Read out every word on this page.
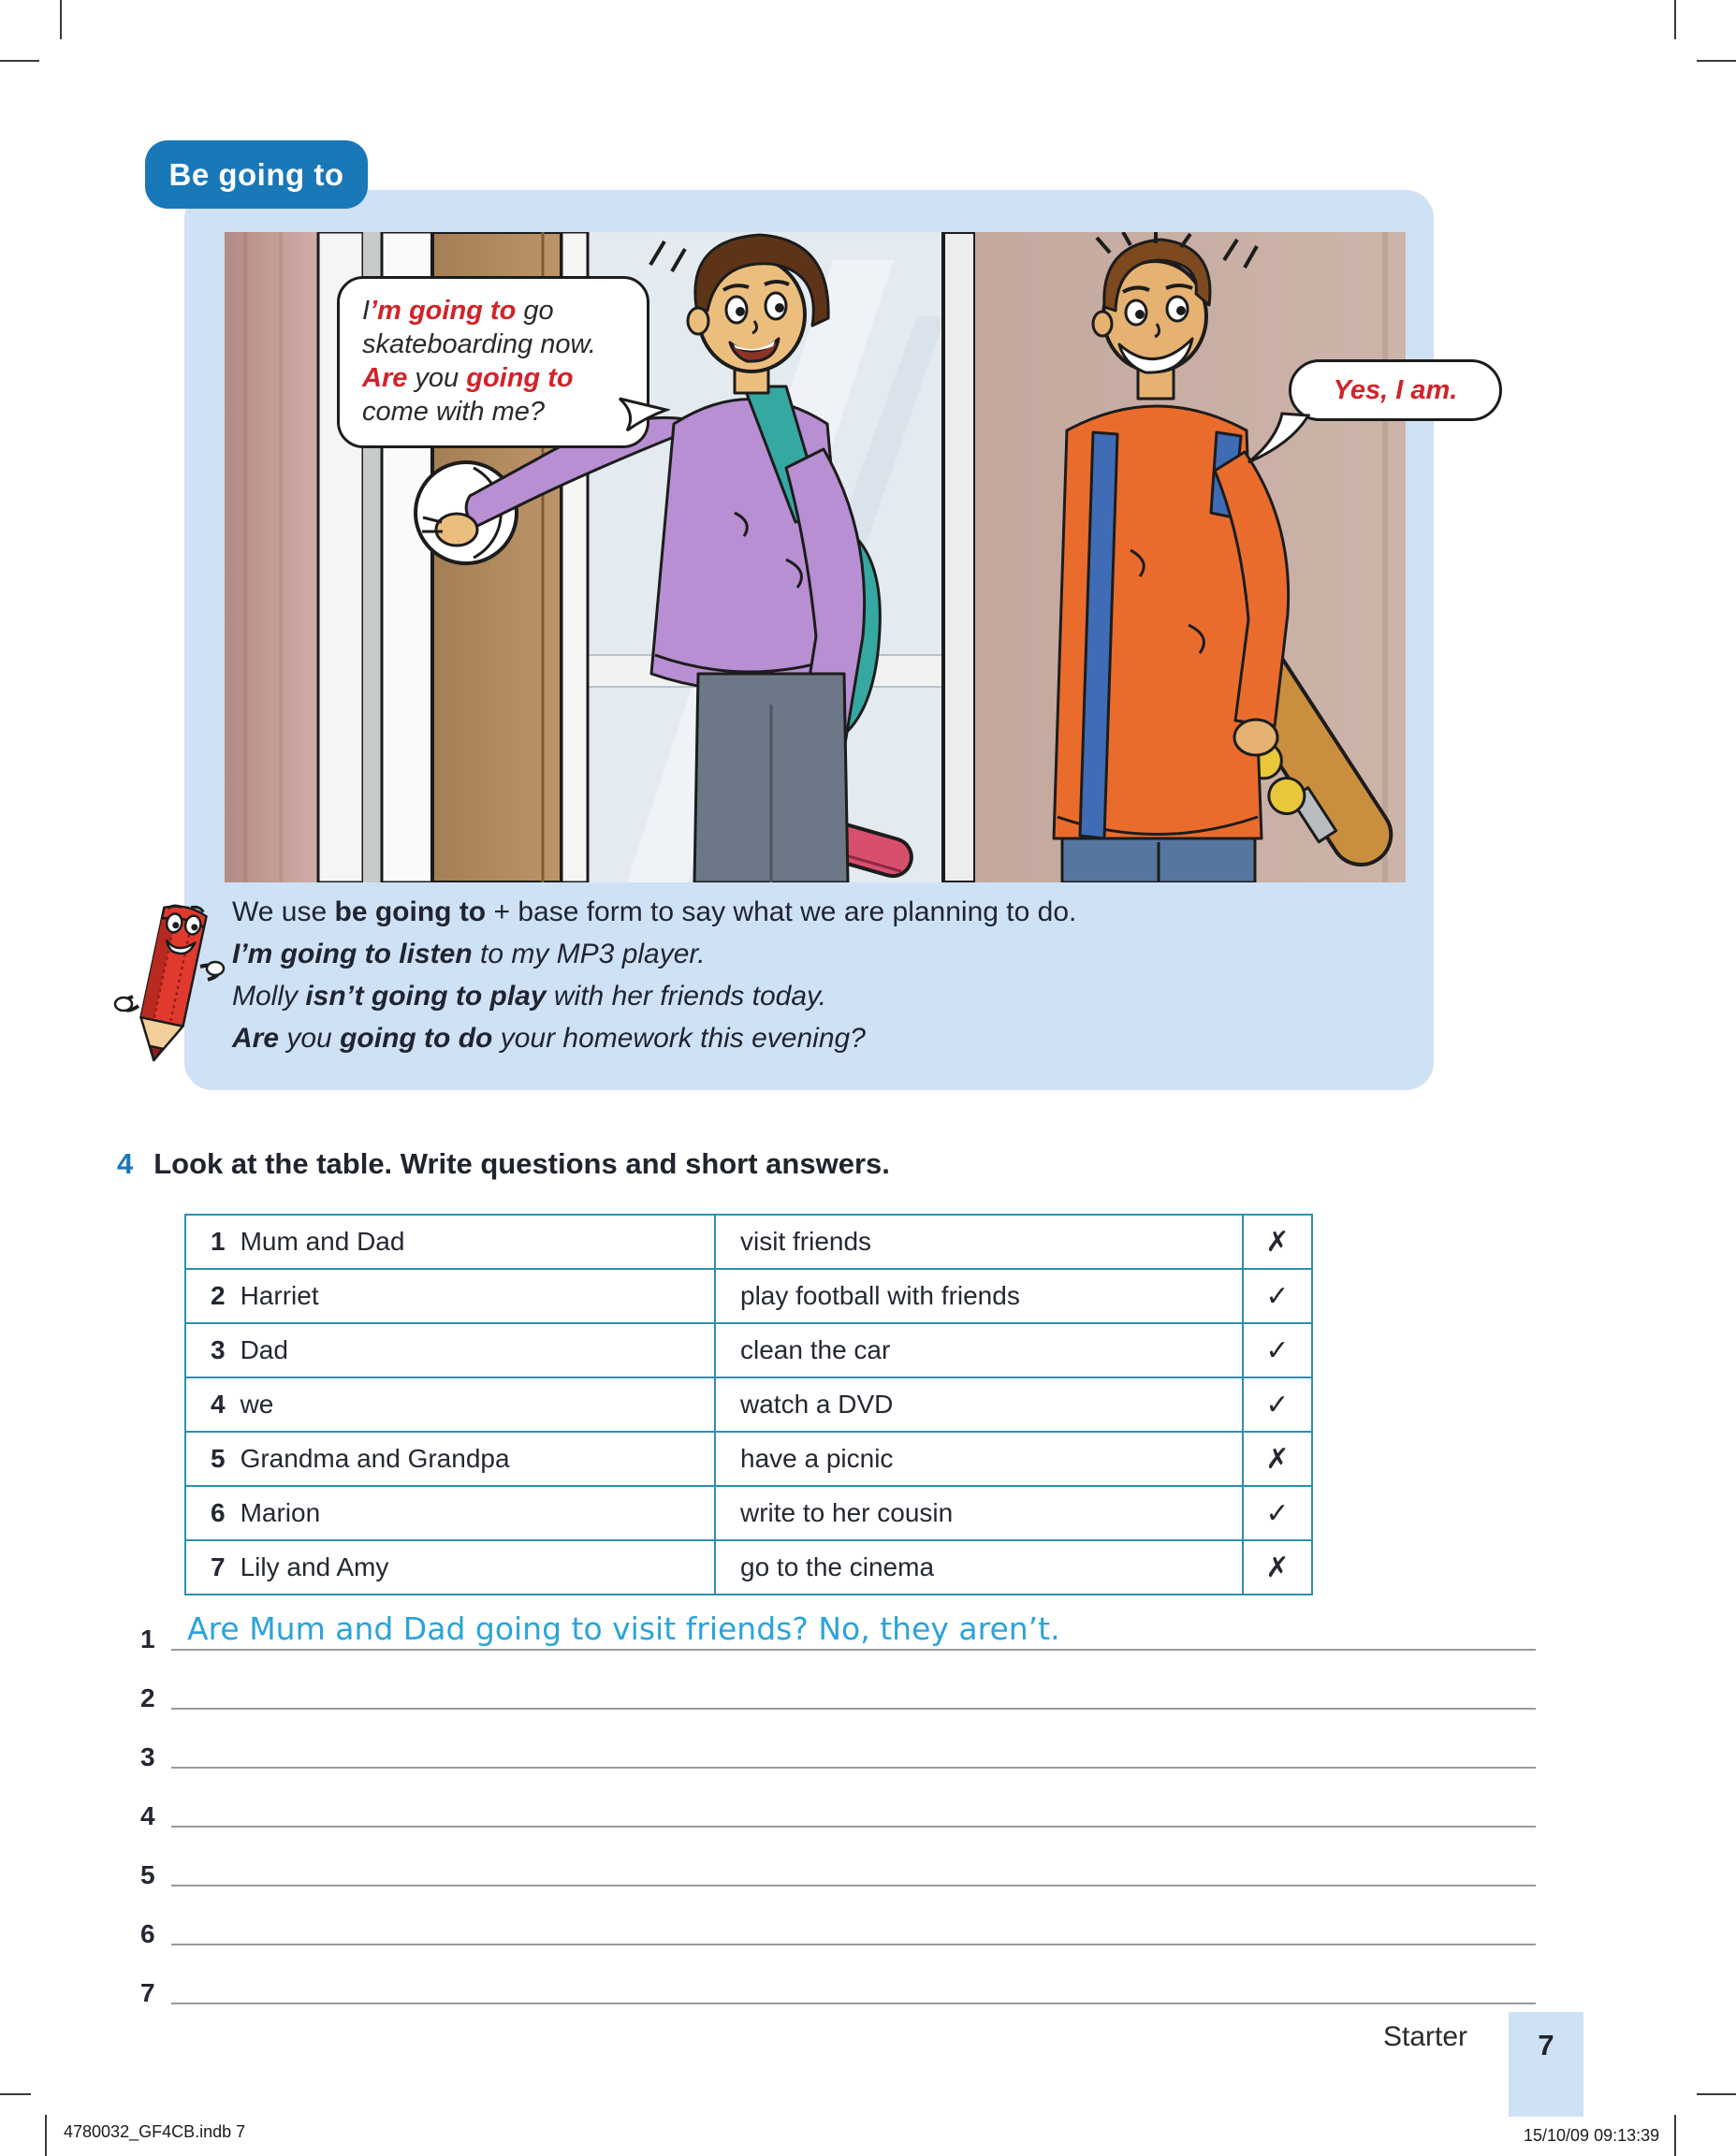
Be going to
I’m going to go skateboarding now. Are you going to come with me?
Yes, I am.
We use be going to + base form to say what we are planning to do.
I’m going to listen to my MP3 player.
Molly isn’t going to play with her friends today.
Are you going to do your homework this evening?
4 Look at the table. Write questions and short answers.
1 Mum and Dad	visit friends	✗
2 Harriet	play football with friends	✓
3 Dad	clean the car	✓
4 we	watch a DVD	✓
5 Grandma and Grandpa	have a picnic	✗
6 Marion	write to her cousin	✓
7 Lily and Amy	go to the cinema	✗
1 Are Mum and Dad going to visit friends? No, they aren’t.
2
3
4
5
6
7
Starter	7
4780032_GF4CB.indb 7	15/10/09 09:13:39
